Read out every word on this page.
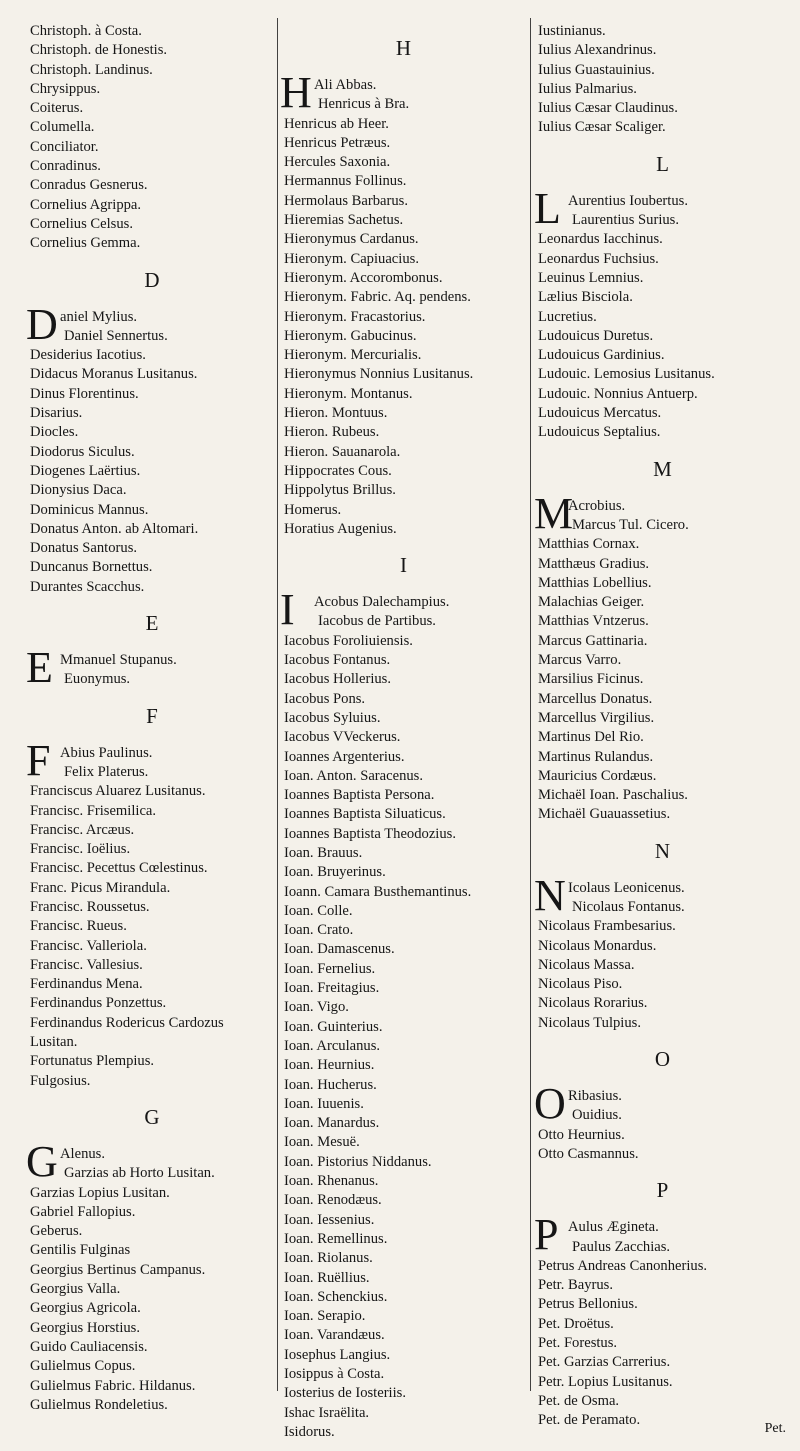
Christoph. à Costa.
Christoph. de Honestis.
Christoph. Landinus.
Chrysippus.
Coiterus.
Columella.
Conciliator.
Conradinus.
Conradus Gesnerus.
Cornelius Agrippa.
Cornelius Celsus.
Cornelius Gemma.
D
D aniel Mylius.
Daniel Sennertus.
Desiderius Iacotius.
Didacus Moranus Lusitanus.
Dinus Florentinus.
Disarius.
Diocles.
Diodorus Siculus.
Diogenes Laërtius.
Dionysius Daca.
Dominicus Mannus.
Donatus Anton. ab Altomari.
Donatus Santorus.
Duncanus Bornettus.
Durantes Scacchus.
E
E Mmanuel Stupanus.
Euonymus.
F
F Abius Paulinus.
Felix Platerus.
Franciscus Aluarez Lusitanus.
Francisc. Frisemilica.
Francisc. Arcæus.
Francisc. Ioëlius.
Francisc. Pecettus Cœlestinus.
Franc. Picus Mirandula.
Francisc. Roussetus.
Francisc. Rueus.
Francisc. Valleriola.
Francisc. Vallesius.
Ferdinandus Mena.
Ferdinandus Ponzettus.
Ferdinandus Rodericus Cardozus
Lusitan.
Fortunatus Plempius.
Fulgosius.
G
G Alenus.
Garzias ab Horto Lusitan.
Garzias Lopius Lusitan.
Gabriel Fallopius.
Geberus.
Gentilis Fulginas
Georgius Bertinus Campanus.
Georgius Valla.
Georgius Agricola.
Georgius Horstius.
Guido Cauliacensis.
Gulielmus Copus.
Gulielmus Fabric. Hildanus.
Gulielmus Rondeletius.
H
H Ali Abbas.
Henricus à Bra.
Henricus ab Heer.
Henricus Petræus.
Hercules Saxonia.
Hermannus Follinus.
Hermolaus Barbarus.
Hieremias Sachetus.
Hieronymus Cardanus.
Hieronym. Capiuacius.
Hieronym. Accorombonus.
Hieronym. Fabric. Aq. pendens.
Hieronym. Fracastorius.
Hieronym. Gabucinus.
Hieronym. Mercurialis.
Hieronymus Nonnius Lusitanus.
Hieronym. Montanus.
Hieron. Montuus.
Hieron. Rubeus.
Hieron. Sauanarola.
Hippocrates Cous.
Hippolytus Brillus.
Homerus.
Horatius Augenius.
I
I	Acobus Dalechampius.
Iacobus de Partibus.
Iacobus Foroliuiensis.
Iacobus Fontanus.
Iacobus Hollerius.
Iacobus Pons.
Iacobus Syluius.
Iacobus VVeckerus.
Ioannes Argenterius.
Ioan. Anton. Saracenus.
Ioannes Baptista Persona.
Ioannes Baptista Siluaticus.
Ioannes Baptista Theodozius.
Ioan. Brauus.
Ioan. Bruyerinus.
Ioann. Camara Busthemantinus.
Ioan. Colle.
Ioan. Crato.
Ioan. Damascenus.
Ioan. Fernelius.
Ioan. Freitagius.
Ioan. Vigo.
Ioan. Guinterius.
Ioan. Arculanus.
Ioan. Heurnius.
Ioan. Hucherus.
Ioan. Iuuenis.
Ioan. Manardus.
Ioan. Mesuë.
Ioan. Pistorius Niddanus.
Ioan. Rhenanus.
Ioan. Renodæus.
Ioan. Iessenius.
Ioan. Remellinus.
Ioan. Riolanus.
Ioan. Ruëllius.
Ioan. Schenckius.
Ioan. Serapio.
Ioan. Varandæus.
Iosephus Langius.
Iosippus à Costa.
Iosterius de Iosteriis.
Ishac Israëlita.
Isidorus.
Iustinianus.
Iulius Alexandrinus.
Iulius Guastauinius.
Iulius Palmarius.
Iulius Cæsar Claudinus.
Iulius Cæsar Scaliger.
L
L Aurentius Ioubertus.
Laurentius Surius.
Leonardus Iacchinus.
Leonardus Fuchsius.
Leuinus Lemnius.
Lælius Bisciola.
Lucretius.
Ludouicus Duretus.
Ludouicus Gardinius.
Ludouic. Lemosius Lusitanus.
Ludouic. Nonnius Antuerp.
Ludouicus Mercatus.
Ludouicus Septalius.
M
M
Acrobius.
Marcus Tul. Cicero.
Matthias Cornax.
Matthæus Gradius.
Matthias Lobellius.
Malachias Geiger.
Matthias Vntzerus.
Marcus Gattinaria.
Marcus Varro.
Marsilius Ficinus.
Marcellus Donatus.
Marcellus Virgilius.
Martinus Del Rio.
Martinus Rulandus.
Mauricius Cordæus.
Michaël Ioan. Paschalius.
Michaël Guauassetius.
N
N Icolaus Leonicenus.
Nicolaus Fontanus.
Nicolaus Frambesarius.
Nicolaus Monardus.
Nicolaus Massa.
Nicolaus Piso.
Nicolaus Rorarius.
Nicolaus Tulpius.
O
O Ribasius.
Ouidius.
Otto Heurnius.
Otto Casmannus.
P
P Aulus Ægineta.
Paulus Zacchias.
Petrus Andreas Canonherius.
Petr. Bayrus.
Petrus Bellonius.
Pet. Droëtus.
Pet. Forestus.
Pet. Garzias Carrerius.
Petr. Lopius Lusitanus.
Pet. de Osma.
Pet. de Peramato.
Pet.
